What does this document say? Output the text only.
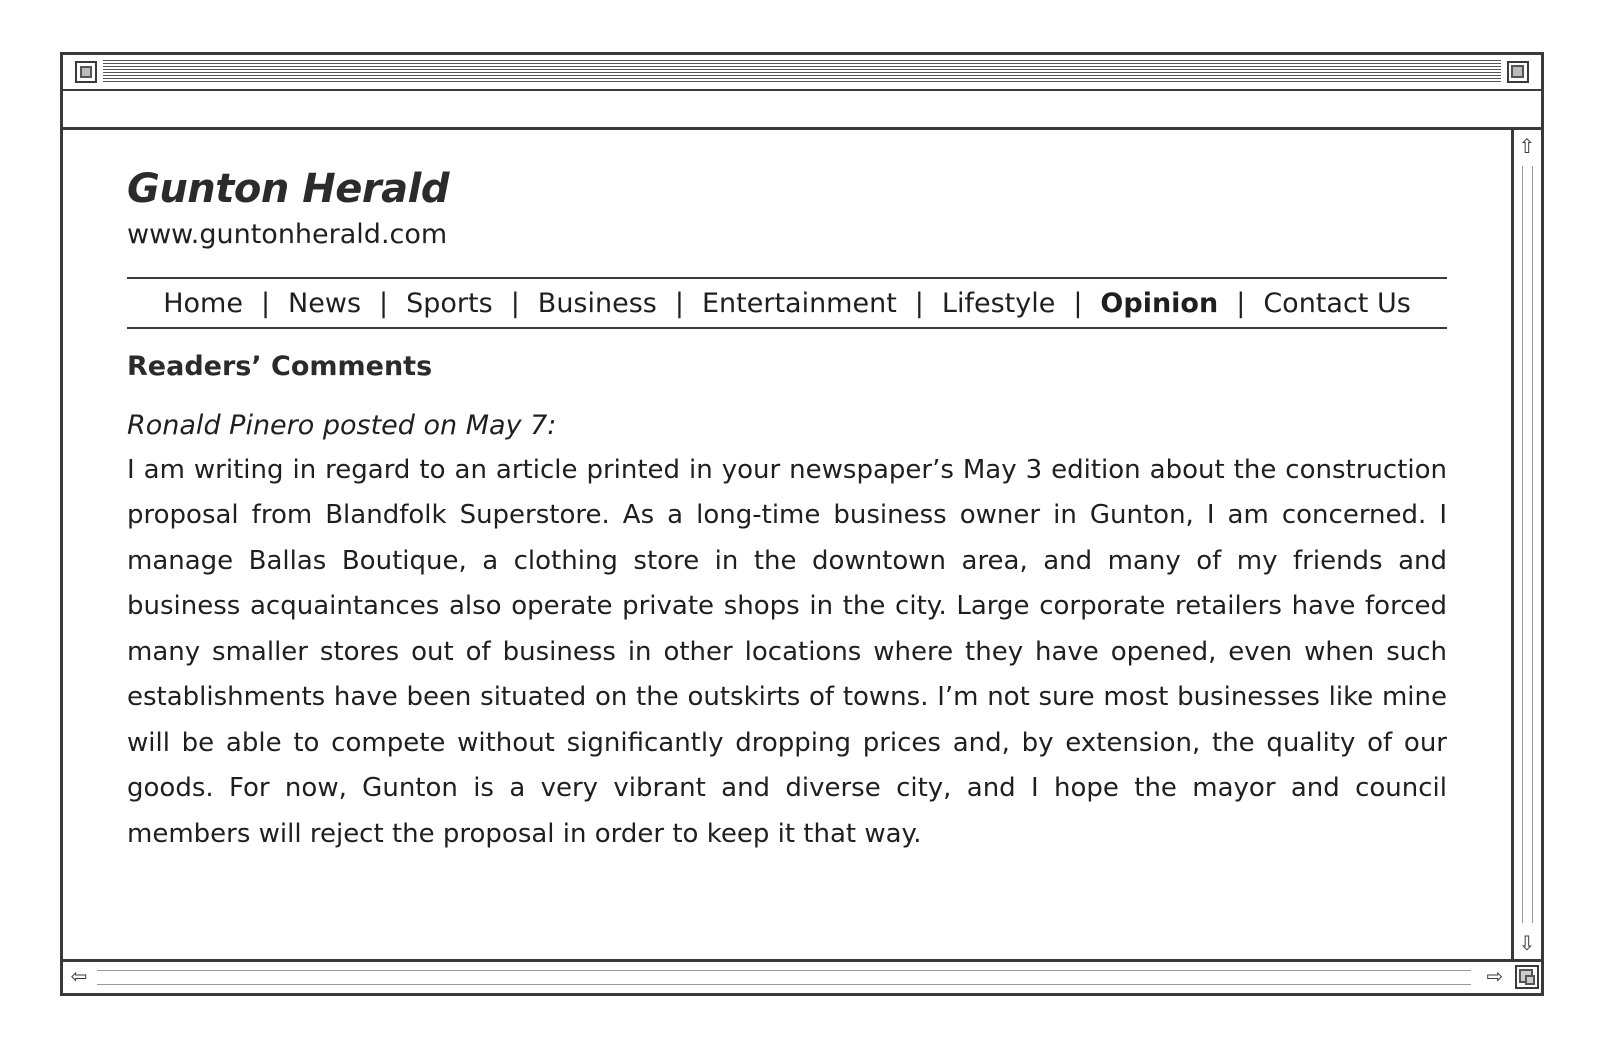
Gunton Herald
www.guntonherald.com
Home | News | Sports | Business | Entertainment | Lifestyle | Opinion | Contact Us
Readers’ Comments
Ronald Pinero posted on May 7:

I am writing in regard to an article printed in your newspaper’s May 3 edition about the construction proposal from Blandfolk Superstore. As a long-time business owner in Gunton, I am concerned. I manage Ballas Boutique, a clothing store in the downtown area, and many of my friends and business acquaintances also operate private shops in the city. Large corporate retailers have forced many smaller stores out of business in other locations where they have opened, even when such establishments have been situated on the outskirts of towns. I’m not sure most businesses like mine will be able to compete without significantly dropping prices and, by extension, the quality of our goods. For now, Gunton is a very vibrant and diverse city, and I hope the mayor and council members will reject the proposal in order to keep it that way.

⇧
⇩
⇦	⇨
